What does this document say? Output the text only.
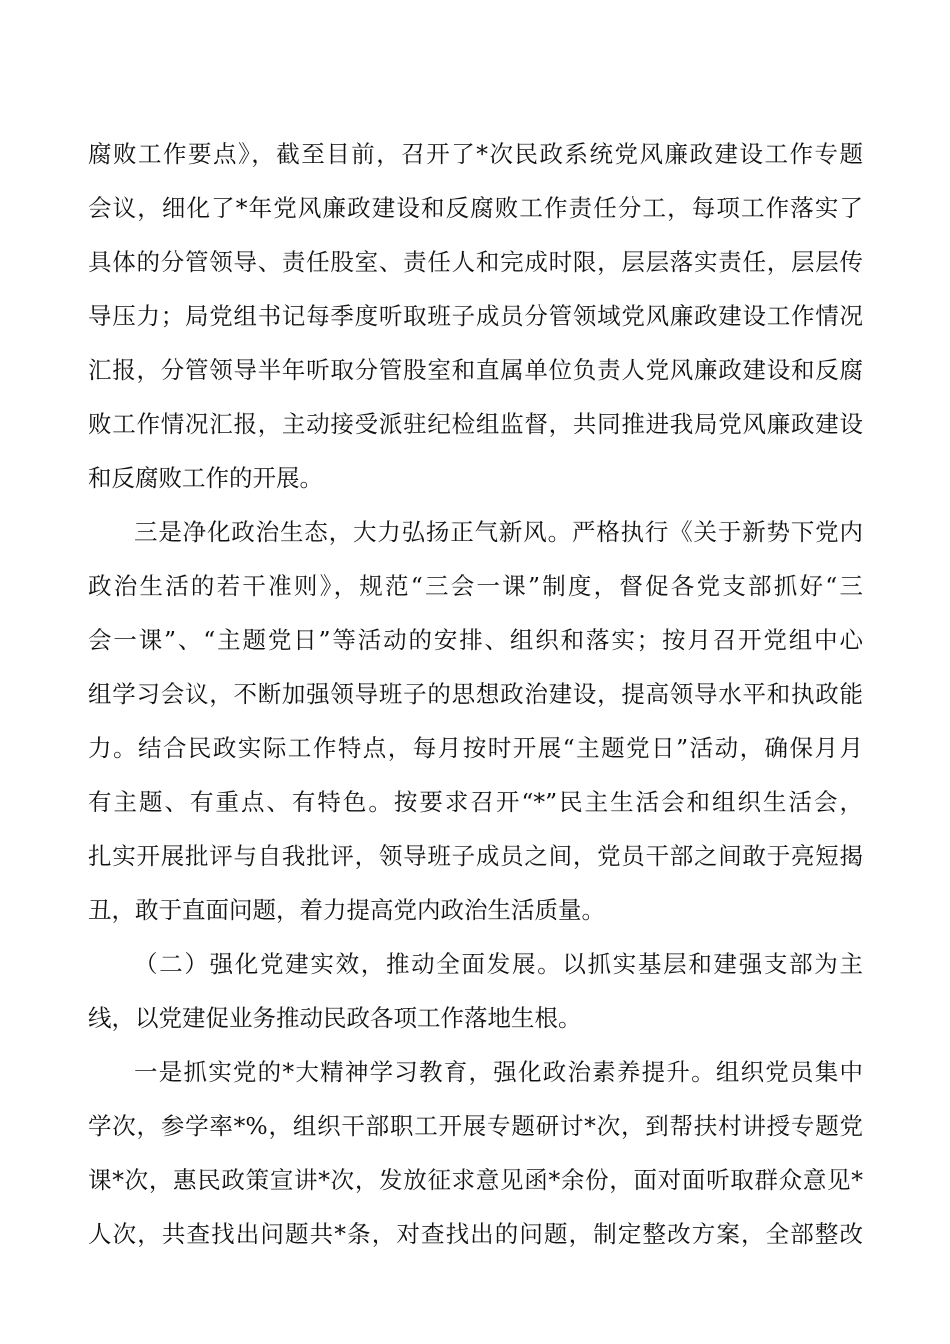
腐败工作要点》，截至目前，召开了*次民政系统党风廉政建设工作专题
会议，细化了*年党风廉政建设和反腐败工作责任分工，每项工作落实了
具体的分管领导、责任股室、责任人和完成时限，层层落实责任，层层传
导压力；局党组书记每季度听取班子成员分管领域党风廉政建设工作情况
汇报，分管领导半年听取分管股室和直属单位负责人党风廉政建设和反腐
败工作情况汇报，主动接受派驻纪检组监督，共同推进我局党风廉政建设
和反腐败工作的开展。
三是净化政治生态，大力弘扬正气新风。严格执行《关于新势下党内
政治生活的若干准则》，规范“三会一课”制度，督促各党支部抓好“三
会一课”、“主题党日”等活动的安排、组织和落实；按月召开党组中心
组学习会议，不断加强领导班子的思想政治建设，提高领导水平和执政能
力。结合民政实际工作特点，每月按时开展“主题党日”活动，确保月月
有主题、有重点、有特色。按要求召开“*”民主生活会和组织生活会，
扎实开展批评与自我批评，领导班子成员之间，党员干部之间敢于亮短揭
丑，敢于直面问题，着力提高党内政治生活质量。
（二）强化党建实效，推动全面发展。以抓实基层和建强支部为主
线，以党建促业务推动民政各项工作落地生根。
一是抓实党的*大精神学习教育，强化政治素养提升。组织党员集中
学次，参学率*%，组织干部职工开展专题研讨*次，到帮扶村讲授专题党
课*次，惠民政策宣讲*次，发放征求意见函*余份，面对面听取群众意见*
人次，共查找出问题共*条，对查找出的问题，制定整改方案，全部整改
